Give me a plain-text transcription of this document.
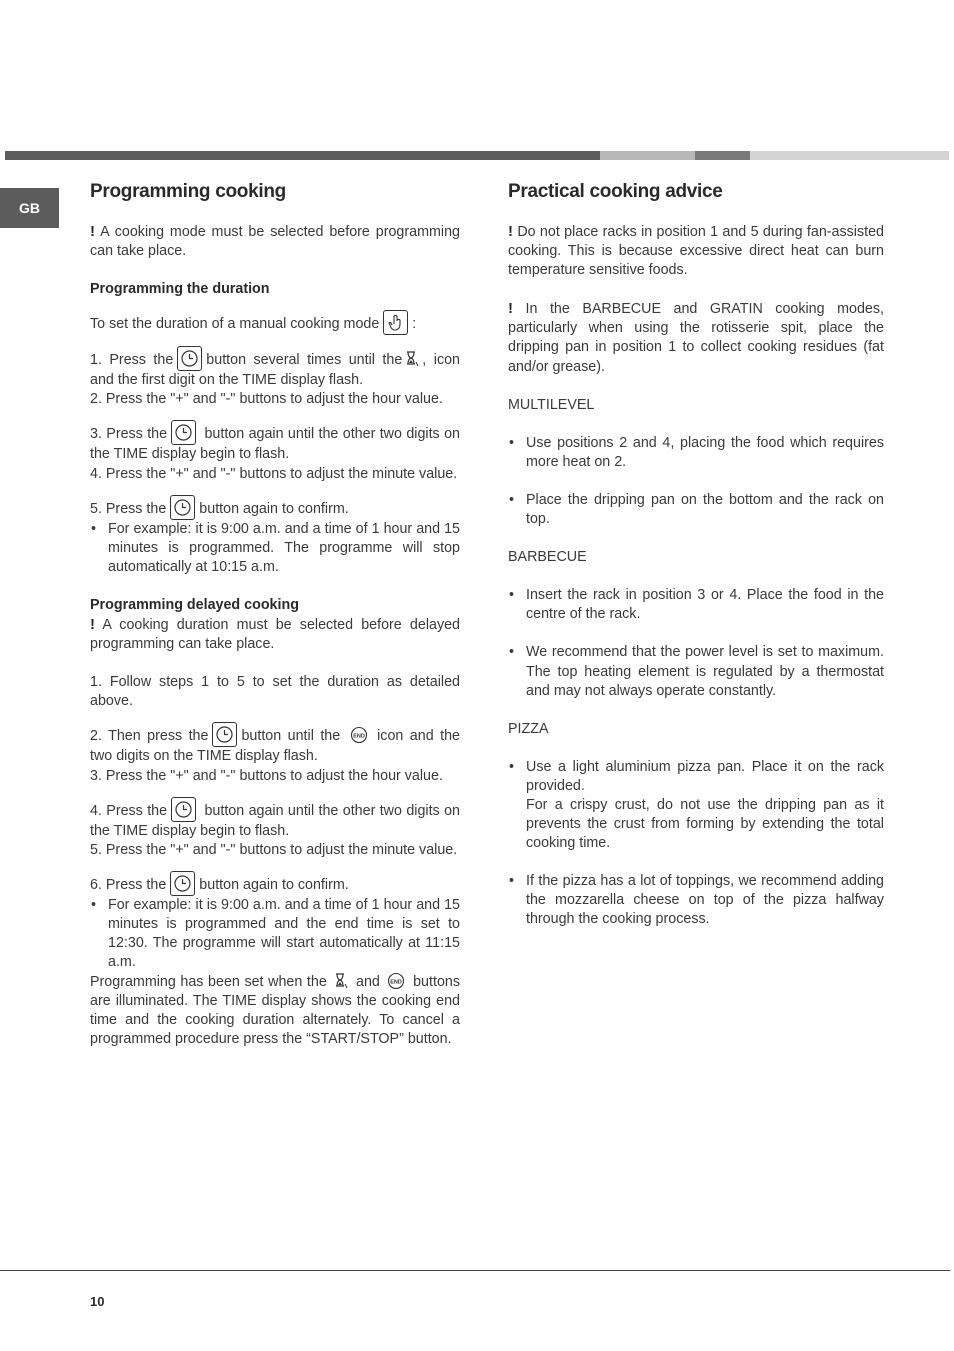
GB
Programming cooking

! A cooking mode must be selected before programming can take place.

Programming the duration

To set the duration of a manual cooking mode :

1. Press the button several times until the , icon and the first digit on the TIME display flash.

2. Press the "+" and "-" buttons to adjust the hour value.

3. Press the	button again until the other two digits on the TIME display begin to flash.

4. Press the "+" and "-" buttons to adjust the minute value.

5. Press the button again to confirm.

• For example: it is 9:00 a.m. and a time of 1 hour and 15 minutes is programmed. The programme will stop automatically at 10:15 a.m.
Programming delayed cooking

! A cooking duration must be selected before delayed programming can take place.

1. Follow steps 1 to 5 to set the duration as detailed above.

2. Then press the button until the END icon and the two digits on the TIME display flash.

3. Press the "+" and "-" buttons to adjust the hour value.

4. Press the	button again until the other two digits on the TIME display begin to flash.

5. Press the "+" and "-" buttons to adjust the minute value.

6. Press the button again to confirm.

• For example: it is 9:00 a.m. and a time of 1 hour and 15 minutes is programmed and the end time is set to 12:30. The programme will start automatically at 11:15 a.m.

Programming has been set when the and END buttons are illuminated. The TIME display shows the cooking end time and the cooking duration alternately. To cancel a programmed procedure press the “START/STOP” button.

Practical cooking advice

! Do not place racks in position 1 and 5 during fan-assisted cooking. This is because excessive direct heat can burn temperature sensitive foods.

! In the BARBECUE and GRATIN cooking modes, particularly when using the rotisserie spit, place the dripping pan in position 1 to collect cooking residues (fat and/or grease).

MULTILEVEL

• Use positions 2 and 4, placing the food which requires more heat on 2.
• Place the dripping pan on the bottom and the rack on top.

BARBECUE

• Insert the rack in position 3 or 4. Place the food in the centre of the rack.
• We recommend that the power level is set to maximum. The top heating element is regulated by a thermostat and may not always operate constantly.

PIZZA

• Use a light aluminium pizza pan. Place it on the rack provided.
For a crispy crust, do not use the dripping pan as it prevents the crust from forming by extending the total cooking time.
• If the pizza has a lot of toppings, we recommend adding the mozzarella cheese on top of the pizza halfway through the cooking process.
10
